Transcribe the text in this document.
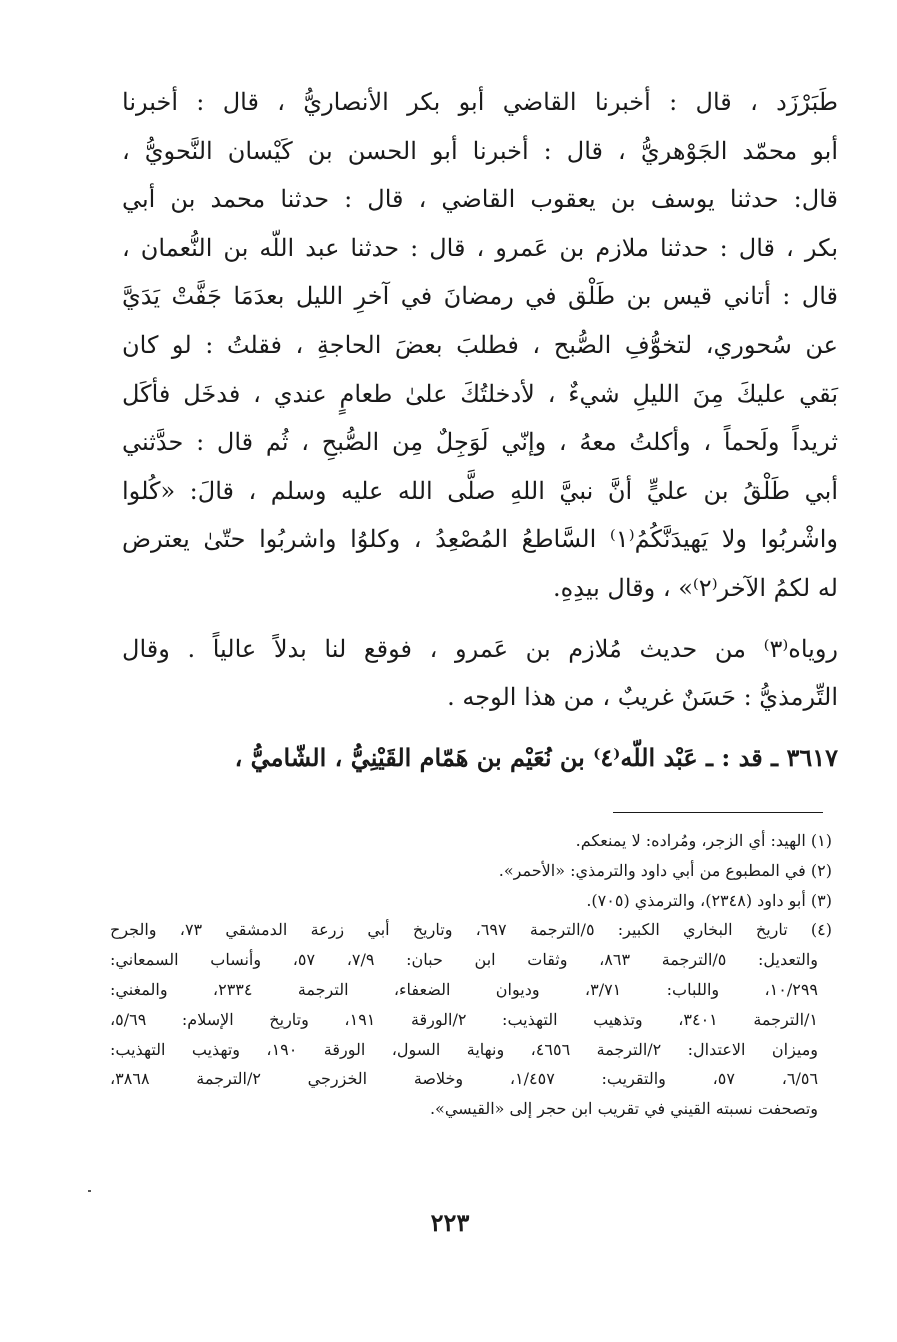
طَبَرْزَد ، قال : أخبرنا القاضي أبو بكر الأنصاريُّ ، قال : أخبرنا
أبو محمّد الجَوْهريُّ ، قال : أخبرنا أبو الحسن بن كَيْسان النَّحويُّ ،
قال: حدثنا يوسف بن يعقوب القاضي ، قال : حدثنا محمد بن أبي
بكر ، قال : حدثنا ملازم بن عَمرو ، قال : حدثنا عبد اللّه بن النُّعمان ،
قال : أتاني قيس بن طَلْق في رمضانَ في آخرِ الليل بعدَمَا جَفَّتْ يَدَيَّ
عن سُحوري، لتخوُّفِ الصُّبح ، فطلبَ بعضَ الحاجةِ ، فقلتُ : لو كان
بَقي عليكَ مِنَ الليلِ شيءٌ ، لأدخلتُكَ علىٰ طعامٍ عندي ، فدخَل فأكَل
ثريداً ولَحماً ، وأكلتُ معهُ ، وإنّي لَوَجِلٌ مِن الصُّبحِ ، ثُم قال : حدَّثني
أبي طَلْقُ بن عليٍّ أنَّ نبيَّ اللهِ صلَّى الله عليه وسلم ، قالَ: «كُلوا
واشْربُوا ولا يَهيدَنَّكُمُ⁽١⁾ السَّاطعُ المُصْعِدُ ، وكلوُا واشربُوا حتّىٰ يعترض
له لكمُ الآخر⁽٢⁾» ، وقال بيدِهِ.
روياه⁽٣⁾ من حديث مُلازم بن عَمرو ، فوقع لنا بدلاً عالياً . وقال
التِّرمذيُّ : حَسَنٌ غريبٌ ، من هذا الوجه .
٣٦١٧ ـ قد : ـ عَبْد اللّه⁽٤⁾ بن نُعَيْم بن هَمّام القَيْنِيُّ ، الشّاميُّ ،
(١) الهيد: أي الزجر، ومُراده: لا يمنعكم.
(٢) في المطبوع من أبي داود والترمذي: «الأحمر».
(٣) أبو داود (٢٣٤٨)، والترمذي (٧٠٥).
(٤) تاريخ البخاري الكبير: ٥/الترجمة ٦٩٧، وتاريخ أبي زرعة الدمشقي ٧٣، والجرح
والتعديل: ٥/الترجمة ٨٦٣، وثقات ابن حبان: ٧/٩، ٥٧، وأنساب السمعاني:
١٠/٢٩٩، واللباب: ٣/٧١، وديوان الضعفاء، الترجمة ٢٣٣٤، والمغني:
١/الترجمة ٣٤٠١، وتذهيب التهذيب: ٢/الورقة ١٩١، وتاريخ الإسلام: ٥/٦٩،
وميزان الاعتدال: ٢/الترجمة ٤٦٥٦، ونهاية السول، الورقة ١٩٠، وتهذيب التهذيب:
٦/٥٦، ٥٧، والتقريب: ١/٤٥٧، وخلاصة الخزرجي ٢/الترجمة ٣٨٦٨،
وتصحفت نسبته القيني في تقريب ابن حجر إلى «القيسي».
٢٢٣
